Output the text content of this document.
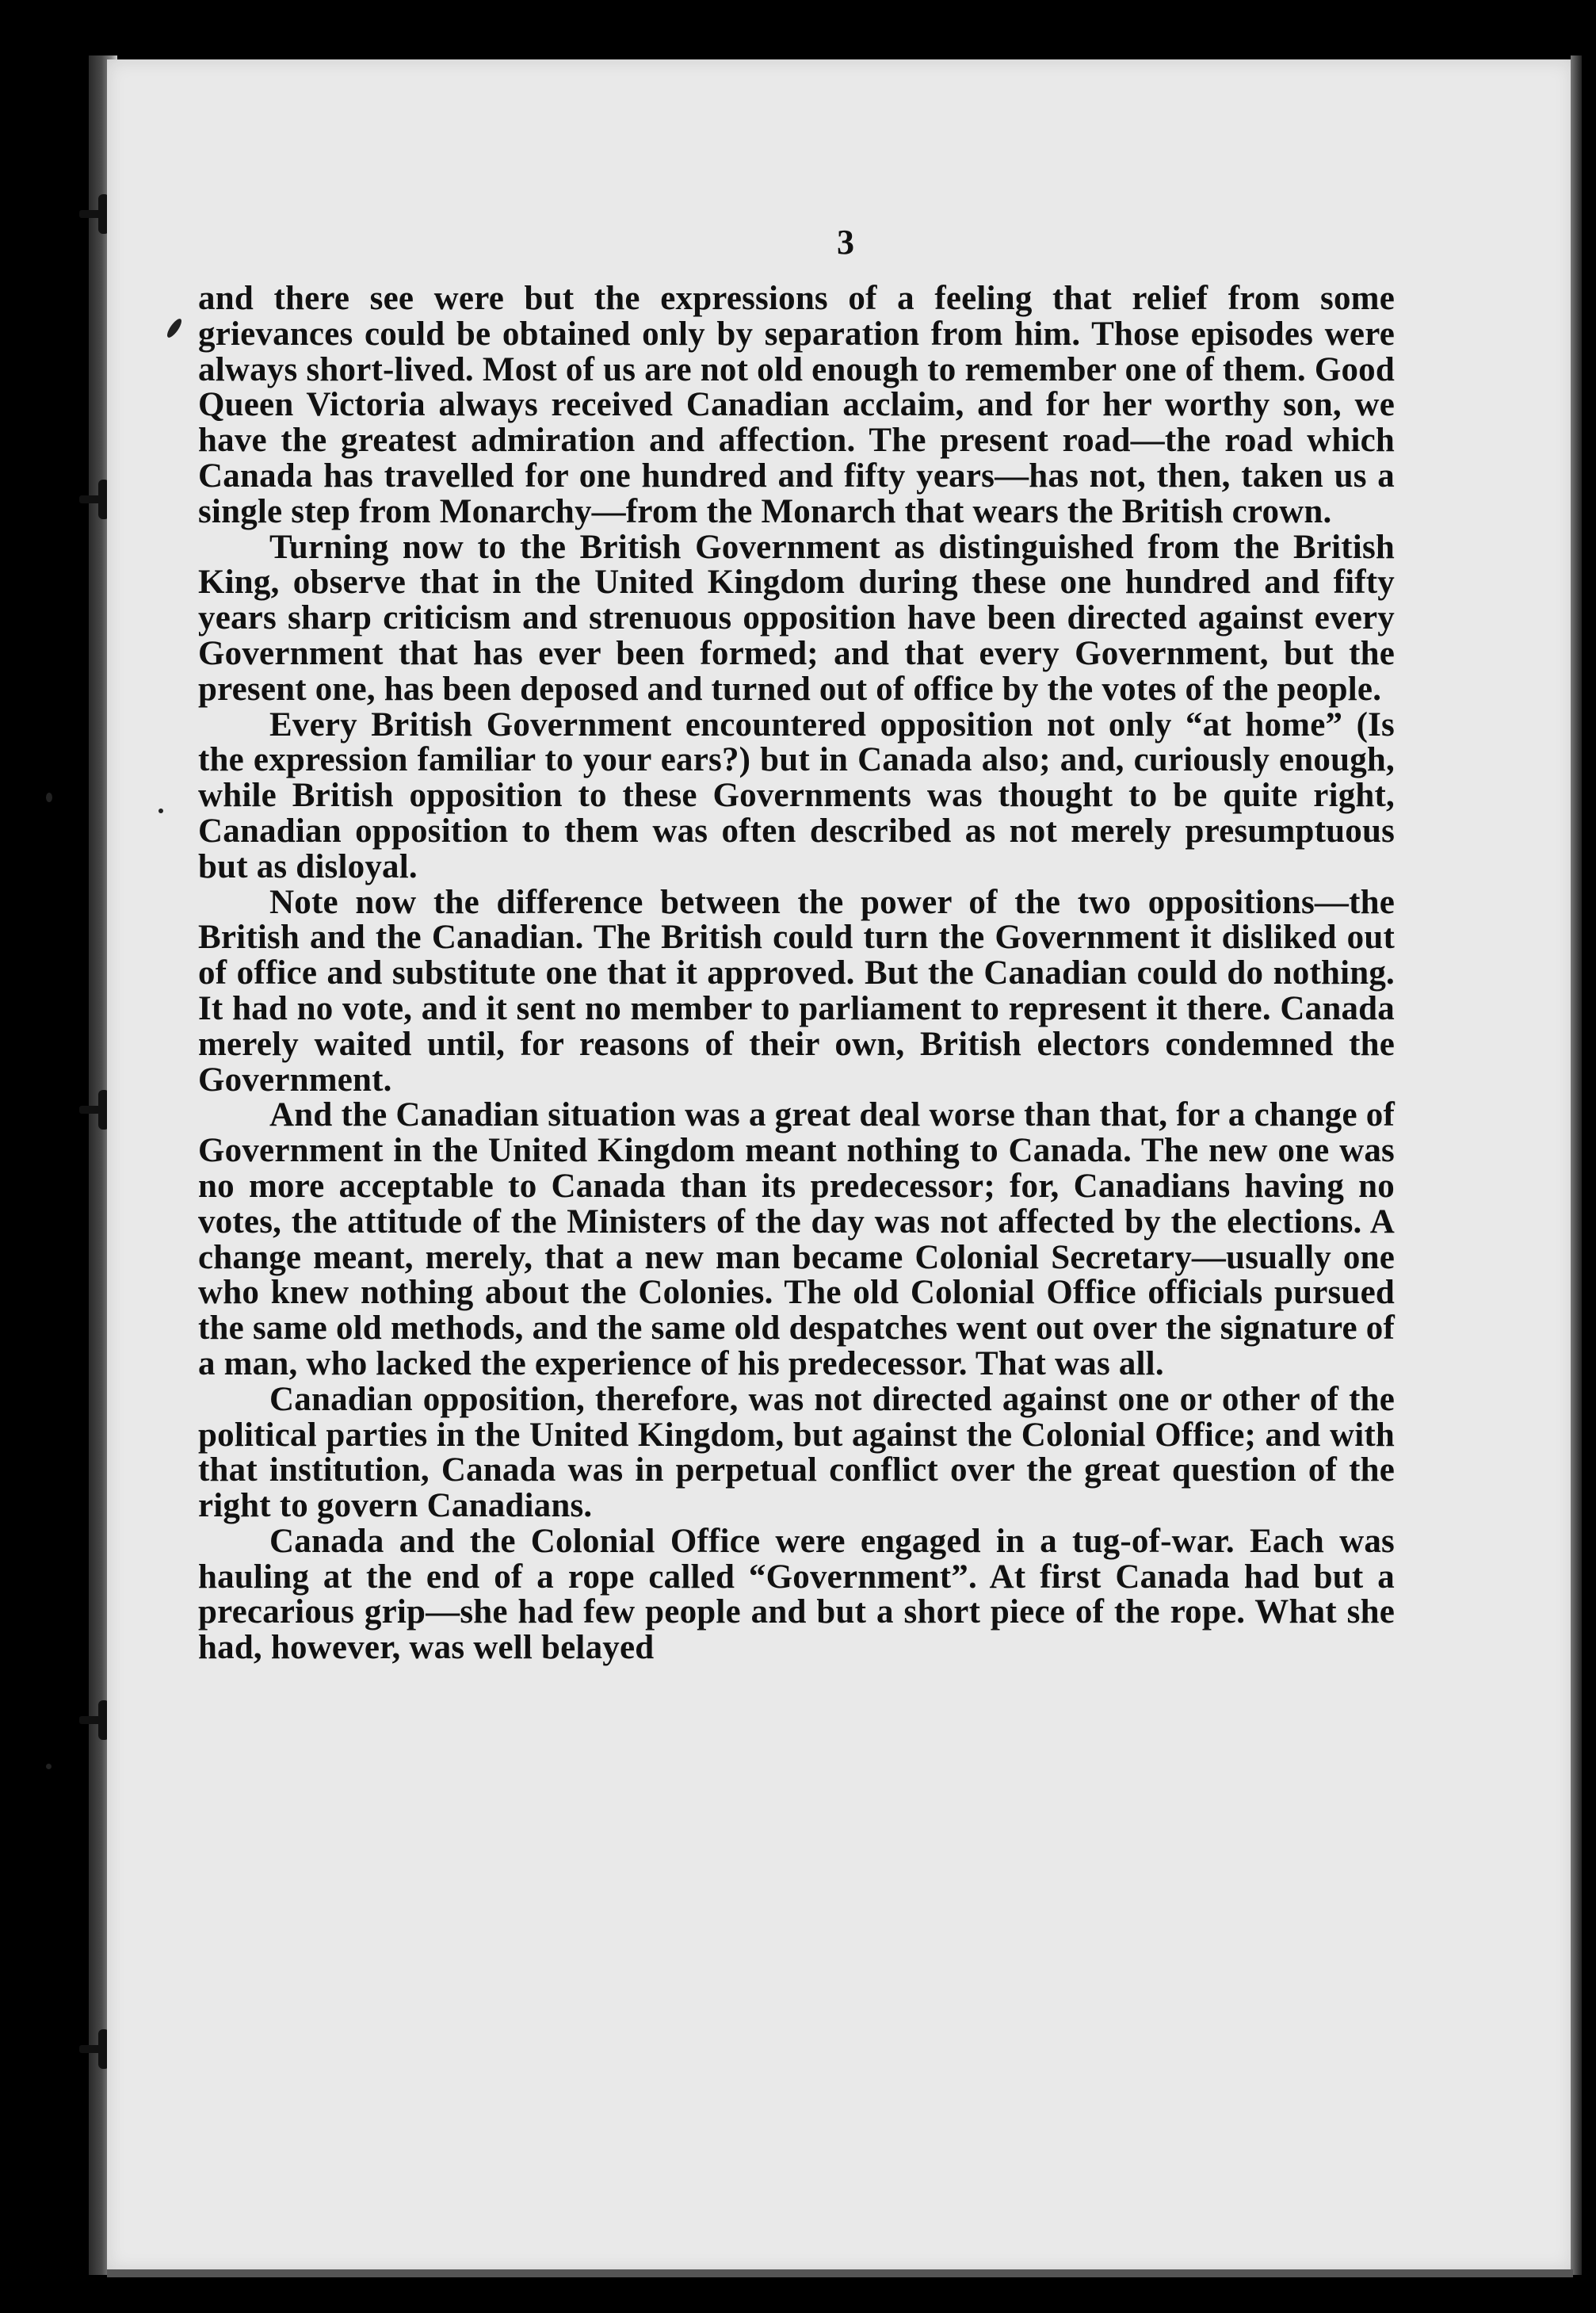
3

and there see were but the expressions of a feeling that relief from some grievances could be obtained only by separation from him. Those episodes were always short-lived. Most of us are not old enough to remember one of them. Good Queen Victoria always received Canadian acclaim, and for her worthy son, we have the greatest admiration and affection. The present road—the road which Canada has travelled for one hundred and fifty years—has not, then, taken us a single step from Monarchy—from the Monarch that wears the British crown.

Turning now to the British Government as distinguished from the British King, observe that in the United Kingdom during these one hundred and fifty years sharp criticism and strenuous opposition have been directed against every Government that has ever been formed; and that every Government, but the present one, has been deposed and turned out of office by the votes of the people.

Every British Government encountered opposition not only “at home” (Is the expression familiar to your ears?) but in Canada also; and, curiously enough, while British opposition to these Governments was thought to be quite right, Canadian opposition to them was often described as not merely presumptuous but as disloyal.

Note now the difference between the power of the two oppositions—the British and the Canadian. The British could turn the Government it disliked out of office and substitute one that it approved. But the Canadian could do nothing. It had no vote, and it sent no member to parliament to represent it there. Canada merely waited until, for reasons of their own, British electors condemned the Government.

And the Canadian situation was a great deal worse than that, for a change of Government in the United Kingdom meant nothing to Canada. The new one was no more acceptable to Canada than its predecessor; for, Canadians having no votes, the attitude of the Ministers of the day was not affected by the elections. A change meant, merely, that a new man became Colonial Secretary—usually one who knew nothing about the Colonies. The old Colonial Office officials pursued the same old methods, and the same old despatches went out over the signature of a man, who lacked the experience of his predecessor. That was all.

Canadian opposition, therefore, was not directed against one or other of the political parties in the United Kingdom, but against the Colonial Office; and with that institution, Canada was in perpetual conflict over the great question of the right to govern Canadians.

Canada and the Colonial Office were engaged in a tug-of-war. Each was hauling at the end of a rope called “Government”. At first Canada had but a precarious grip—she had few people and but a short piece of the rope. What she had, however, was well belayed
